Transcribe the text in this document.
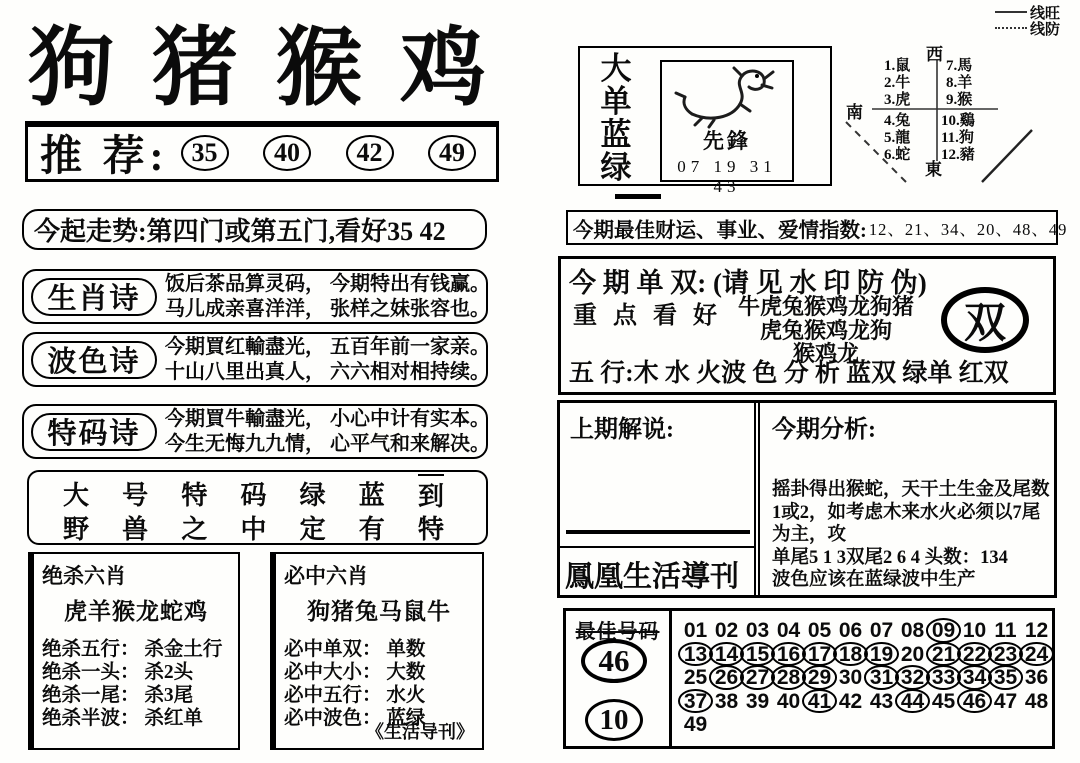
狗 猪 猴 鸡
推 荐: 35	40	42	49
今起走势:第四门或第五门,看好35 42
生肖诗	饭后茶品算灵码， 今期特出有钱赢。
马儿成亲喜洋洋， 张样之妹张容也。
波色诗	今期買红輸盡光， 五百年前一家亲。
十山八里出真人， 六六相对相持续。
特码诗	今期買牛輸盡光， 小心中计有实本。
今生无悔九九情， 心平气和来解决。
大 号 特 码 绿 蓝 到
野 兽 之 中 定 有 特
绝杀六肖
虎羊猴龙蛇鸡
绝杀五行： 杀金土行
绝杀一头： 杀2头
绝杀一尾： 杀3尾
绝杀半波： 杀红单
必中六肖
狗猪兔马鼠牛
必中单双： 单数
必中大小： 大数
必中五行： 水火
必中波色： 蓝绿
《生活导刊》
大
单
蓝
绿
先鋒
07 19 31 43
线旺
线防
西
南
東
1.鼠
2.牛
3.虎
7.馬
8.羊
9.猴
4.兔
5.龍
6.蛇
10.鷄
11.狗
12.豬
今期最佳财运、事业、爱情指数: 12、21、34、20、48、49
今 期 单 双: (请 见 水 印 防 伪)
重 点 看 好 牛虎兔猴鸡龙狗猪
虎兔猴鸡龙狗
猴鸡龙
双
五 行:木 水 火波 色 分 析 蓝双 绿单 红双
上期解说:
鳳凰生活導刊
今期分析:
摇卦得出猴蛇，天干土生金及尾数
1或2，如考虑木来水火必须以7尾
为主，攻
单尾5 1 3双尾2 6 4 头数：134
波色应该在蓝绿波中生产
最佳号码
46
10
01 02 03 04 05 06 07 08 09 10 11 12
13 14 15 16 17 18 19 20 21 22 23 24
25 26 27 28 29 30 31 32 33 34 35 36
37 38 39 40 41 42 43 44 45 46 47 48
49
